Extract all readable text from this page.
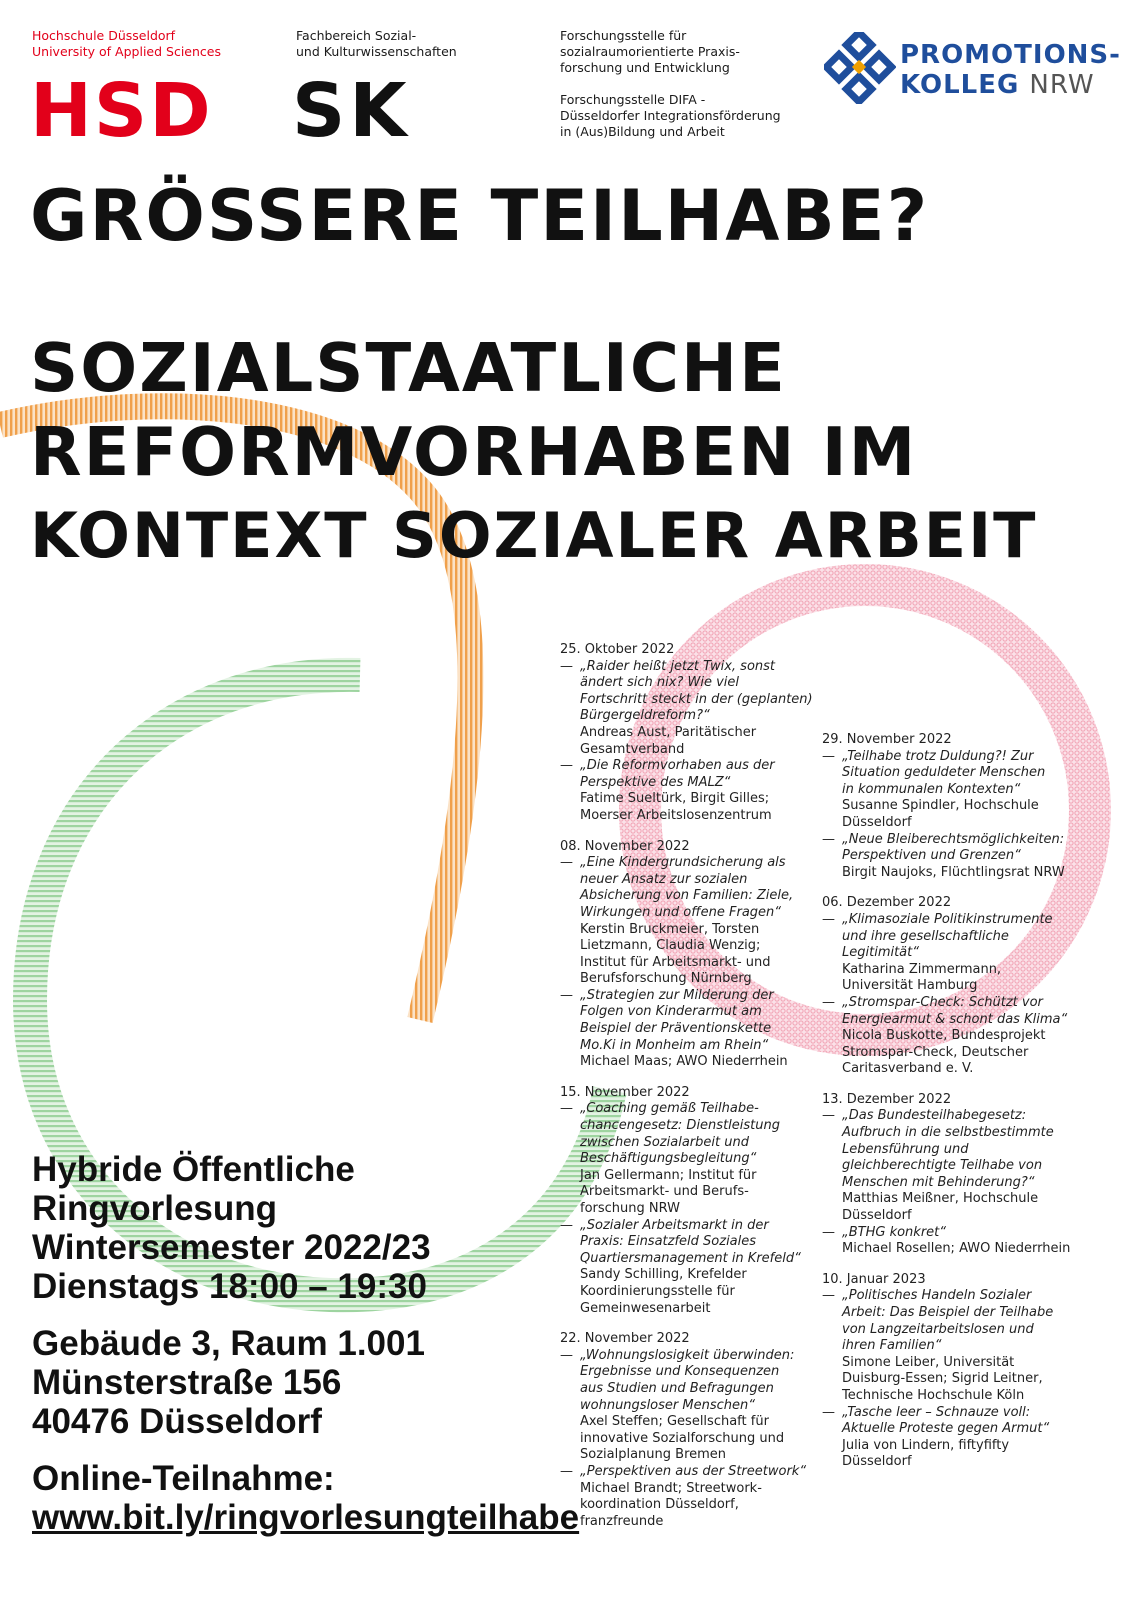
Hochschule Düsseldorf
University of Applied Sciences
HSD
Fachbereich Sozial-
und Kulturwissenschaften
SK
Forschungsstelle für
sozialraumorientierte Praxis-
forschung und Entwicklung
Forschungsstelle DIFA -
Düsseldorfer Integrationsförderung
in (Aus)Bildung und Arbeit
PROMOTIONS-
KOLLEG NRW
GRÖSSERE TEILHABE?
SOZIALSTAATLICHE
REFORMVORHABEN IM
KONTEXT SOZIALER ARBEIT
Hybride Öffentliche
Ringvorlesung
Wintersemester 2022/23
Dienstags 18:00 – 19:30
Gebäude 3, Raum 1.001
Münsterstraße 156
40476 Düsseldorf
Online-Teilnahme:
www.bit.ly/ringvorlesungteilhabe
25. Oktober 2022
— „Raider heißt jetzt Twix, sonst
ändert sich nix? Wie viel
Fortschritt steckt in der (geplanten)
Bürgergeldreform?“
Andreas Aust, Paritätischer
Gesamtverband
— „Die Reformvorhaben aus der
Perspektive des MALZ“
Fatime Sueltürk, Birgit Gilles;
Moerser Arbeitslosenzentrum
08. November 2022
— „Eine Kindergrundsicherung als
neuer Ansatz zur sozialen
Absicherung von Familien: Ziele,
Wirkungen und offene Fragen“
Kerstin Bruckmeier, Torsten
Lietzmann, Claudia Wenzig;
Institut für Arbeitsmarkt- und
Berufsforschung Nürnberg
— „Strategien zur Milderung der
Folgen von Kinderarmut am
Beispiel der Präventionskette
Mo.Ki in Monheim am Rhein“
Michael Maas; AWO Niederrhein
15. November 2022
— „Coaching gemäß Teilhabe-
chancengesetz: Dienstleistung
zwischen Sozialarbeit und
Beschäftigungsbegleitung“
Jan Gellermann; Institut für
Arbeitsmarkt- und Berufs-
forschung NRW
— „Sozialer Arbeitsmarkt in der
Praxis: Einsatzfeld Soziales
Quartiersmanagement in Krefeld“
Sandy Schilling, Krefelder
Koordinierungsstelle für
Gemeinwesenarbeit
22. November 2022
— „Wohnungslosigkeit überwinden:
Ergebnisse und Konsequenzen
aus Studien und Befragungen
wohnungsloser Menschen“
Axel Steffen; Gesellschaft für
innovative Sozialforschung und
Sozialplanung Bremen
— „Perspektiven aus der Streetwork“
Michael Brandt; Streetwork-
koordination Düsseldorf,
franzfreunde
29. November 2022
— „Teilhabe trotz Duldung?! Zur
Situation geduldeter Menschen
in kommunalen Kontexten“
Susanne Spindler, Hochschule
Düsseldorf
— „Neue Bleiberechtsmöglichkeiten:
Perspektiven und Grenzen“
Birgit Naujoks, Flüchtlingsrat NRW
06. Dezember 2022
— „Klimasoziale Politikinstrumente
und ihre gesellschaftliche
Legitimität“
Katharina Zimmermann,
Universität Hamburg
— „Stromspar-Check: Schützt vor
Energiearmut & schont das Klima“
Nicola Buskotte, Bundesprojekt
Stromspar-Check, Deutscher
Caritasverband e. V.
13. Dezember 2022
— „Das Bundesteilhabegesetz:
Aufbruch in die selbstbestimmte
Lebensführung und
gleichberechtigte Teilhabe von
Menschen mit Behinderung?“
Matthias Meißner, Hochschule
Düsseldorf
— „BTHG konkret“
Michael Rosellen; AWO Niederrhein
10. Januar 2023
— „Politisches Handeln Sozialer
Arbeit: Das Beispiel der Teilhabe
von Langzeitarbeitslosen und
ihren Familien“
Simone Leiber, Universität
Duisburg-Essen; Sigrid Leitner,
Technische Hochschule Köln
— „Tasche leer – Schnauze voll:
Aktuelle Proteste gegen Armut“
Julia von Lindern, fiftyfifty
Düsseldorf
